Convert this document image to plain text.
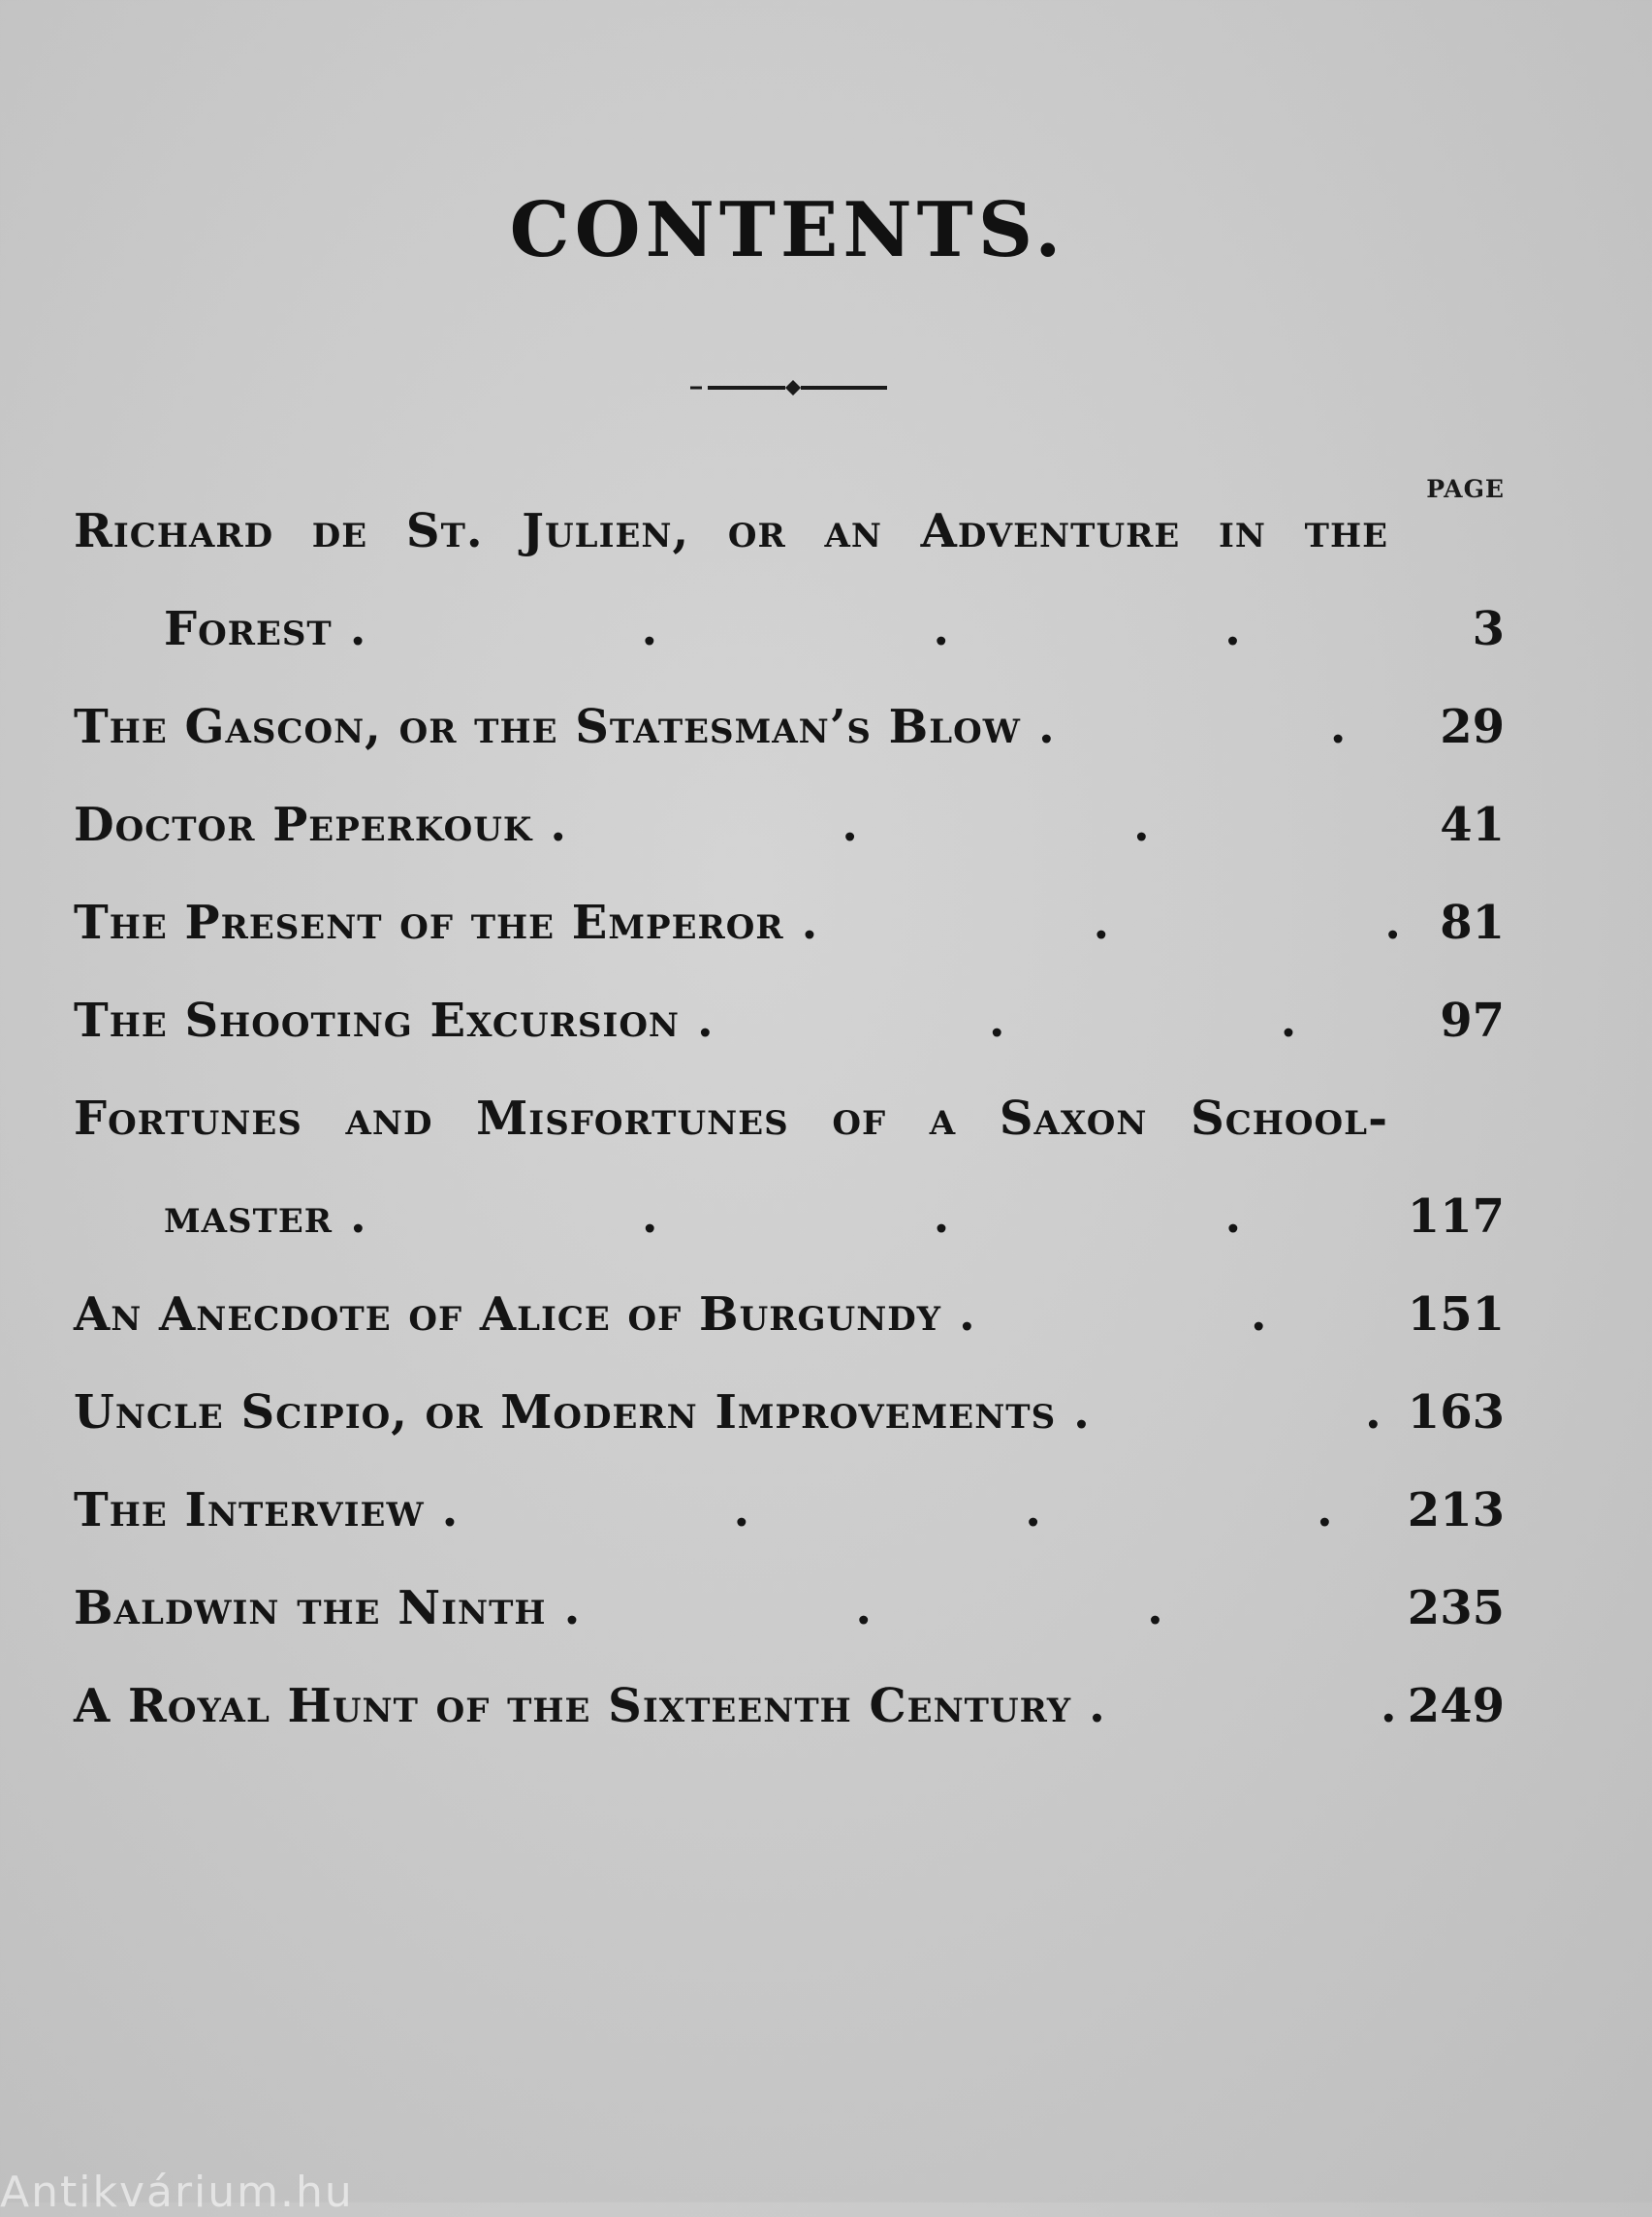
CONTENTS.
PAGE
Richard de St. Julien, or an Adventure in the
Forest .	3
The Gascon, or the Statesman’s Blow .	29
Doctor Peperkouk .	41
The Present of the Emperor .	81
The Shooting Excursion .	97
Fortunes and Misfortunes of a Saxon School-
master .	117
An Anecdote of Alice of Burgundy .	151
Uncle Scipio, or Modern Improvements .	163
The Interview .	213
Baldwin the Ninth .	235
A Royal Hunt of the Sixteenth Century .	249
Antikvárium.hu
